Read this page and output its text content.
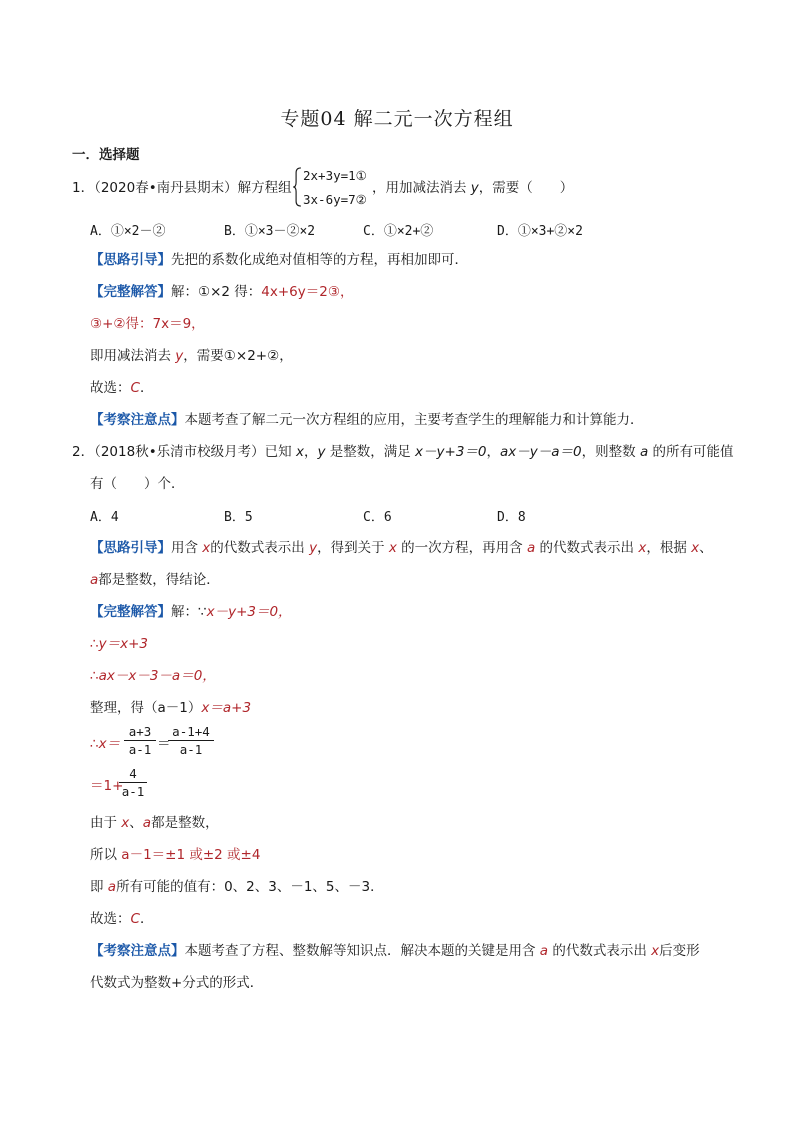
专题04 解二元一次方程组
一．选择题
1．（2020春•南丹县期末）解方程组
2x+3y=1①
3x-6y=7②
，用加减法消去 y，需要（　　）
A．①×2－②	B．①×3－②×2	C．①×2+②	D．①×3+②×2
【思路引导】先把的系数化成绝对值相等的方程，再相加即可．
【完整解答】解：①×2 得：4x+6y＝2③，
③+②得：7x＝9，
即用减法消去 y，需要①×2+②，
故选：C．
【考察注意点】本题考查了解二元一次方程组的应用，主要考查学生的理解能力和计算能力．
2．（2018秋•乐清市校级月考）已知 x，y 是整数，满足 x－y+3＝0，ax－y－a＝0，则整数 a 的所有可能值
有（　　）个．
A．4	B．5	C．6	D．8
【思路引导】用含 x的代数式表示出 y，得到关于 x 的一次方程，再用含 a 的代数式表示出 x，根据 x、
a都是整数，得结论．
【完整解答】解：∵x－y+3＝0，
∴y＝x+3
∴ax－x－3－a＝0，
整理，得（a－1）x＝a+3
∴x＝ $\frac{a+3}{a-1}$ ＝
$\frac{a-1+4}{a-1}$
＝1+
$\frac{4}{a-1}$
由于 x、a都是整数，
所以 a－1＝±1 或±2 或±4
即 a所有可能的值有：0、2、3、－1、5、－3．
故选：C．
【考察注意点】本题考查了方程、整数解等知识点．解决本题的关键是用含 a 的代数式表示出 x后变形
代数式为整数+分式的形式．
